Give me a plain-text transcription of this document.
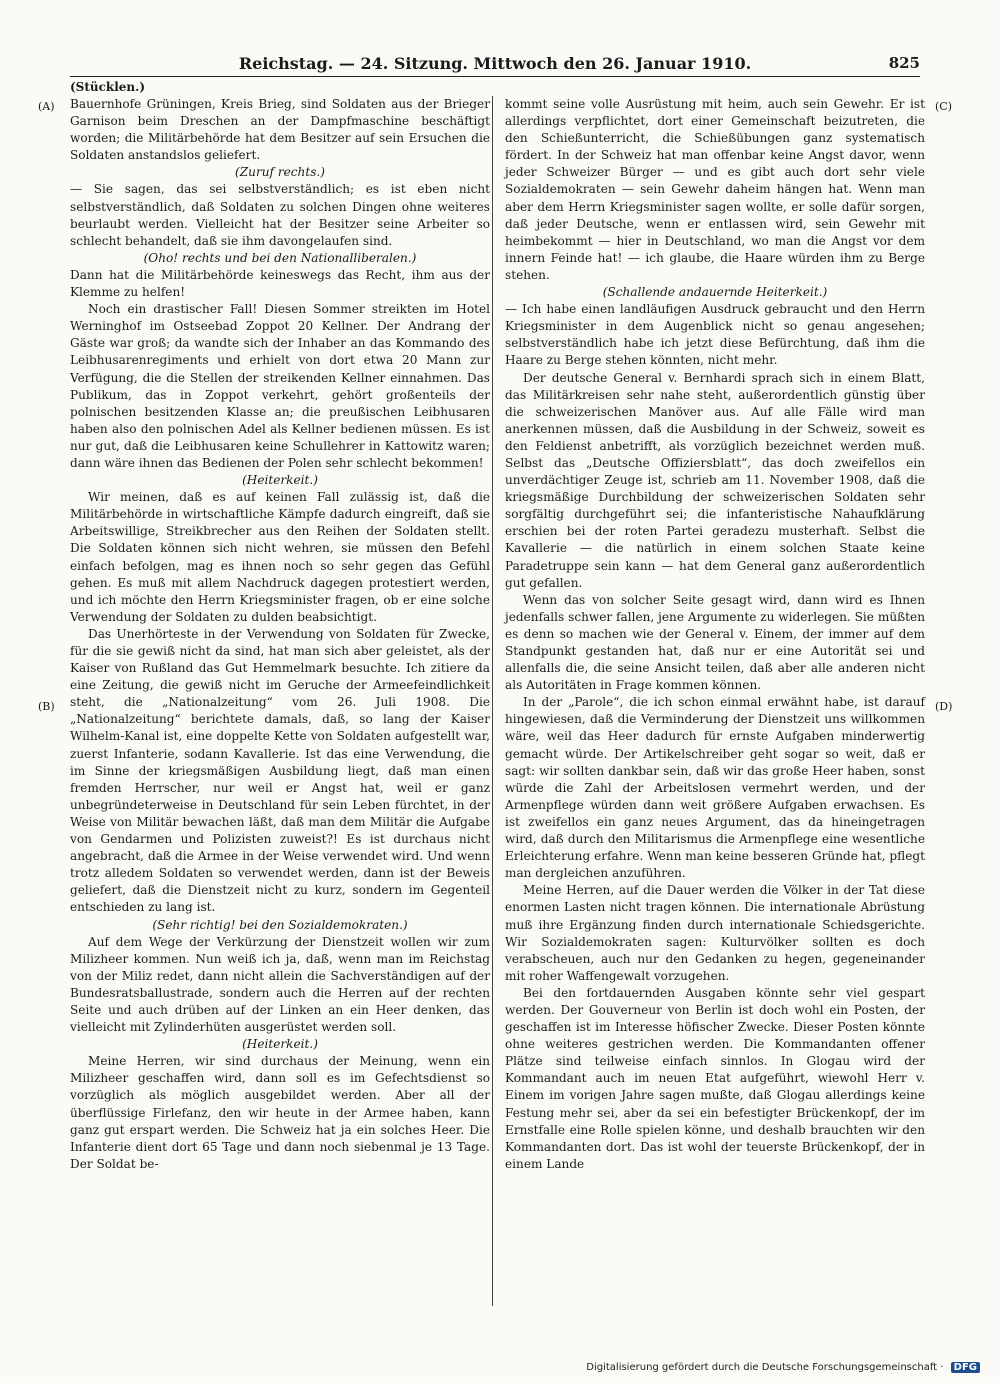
Reichstag. — 24. Sitzung. Mittwoch den 26. Januar 1910.	825
(Stücklen.)
(A)
(B)
(C)
(D)

Bauernhofe Grüningen, Kreis Brieg, sind Soldaten aus der Brieger Garnison beim Dreschen an der Dampfmaschine beschäftigt worden; die Militärbehörde hat dem Besitzer auf sein Ersuchen die Soldaten anstandslos geliefert.

(Zuruf rechts.)

— Sie sagen, das sei selbstverständlich; es ist eben nicht selbstverständlich, daß Soldaten zu solchen Dingen ohne weiteres beurlaubt werden. Vielleicht hat der Besitzer seine Arbeiter so schlecht behandelt, daß sie ihm davongelaufen sind.

(Oho! rechts und bei den Nationalliberalen.)

Dann hat die Militärbehörde keineswegs das Recht, ihm aus der Klemme zu helfen!

Noch ein drastischer Fall! Diesen Sommer streikten im Hotel Werninghof im Ostseebad Zoppot 20 Kellner. Der Andrang der Gäste war groß; da wandte sich der Inhaber an das Kommando des Leibhusarenregiments und erhielt von dort etwa 20 Mann zur Verfügung, die die Stellen der streikenden Kellner einnahmen. Das Publikum, das in Zoppot verkehrt, gehört großenteils der polnischen besitzenden Klasse an; die preußischen Leibhusaren haben also den polnischen Adel als Kellner bedienen müssen. Es ist nur gut, daß die Leibhusaren keine Schullehrer in Kattowitz waren; dann wäre ihnen das Bedienen der Polen sehr schlecht bekommen!

(Heiterkeit.)

Wir meinen, daß es auf keinen Fall zulässig ist, daß die Militärbehörde in wirtschaftliche Kämpfe dadurch eingreift, daß sie Arbeitswillige, Streikbrecher aus den Reihen der Soldaten stellt. Die Soldaten können sich nicht wehren, sie müssen den Befehl einfach befolgen, mag es ihnen noch so sehr gegen das Gefühl gehen. Es muß mit allem Nachdruck dagegen protestiert werden, und ich möchte den Herrn Kriegsminister fragen, ob er eine solche Verwendung der Soldaten zu dulden beabsichtigt.

Das Unerhörteste in der Verwendung von Soldaten für Zwecke, für die sie gewiß nicht da sind, hat man sich aber geleistet, als der Kaiser von Rußland das Gut Hemmelmark besuchte. Ich zitiere da eine Zeitung, die gewiß nicht im Geruche der Armeefeindlichkeit steht, die „Nationalzeitung“ vom 26. Juli 1908. Die „Nationalzeitung“ berichtete damals, daß, so lang der Kaiser Wilhelm-Kanal ist, eine doppelte Kette von Soldaten aufgestellt war, zuerst Infanterie, sodann Kavallerie. Ist das eine Verwendung, die im Sinne der kriegsmäßigen Ausbildung liegt, daß man einen fremden Herrscher, nur weil er Angst hat, weil er ganz unbegründeterweise in Deutschland für sein Leben fürchtet, in der Weise von Militär bewachen läßt, daß man dem Militär die Aufgabe von Gendarmen und Polizisten zuweist?! Es ist durchaus nicht angebracht, daß die Armee in der Weise verwendet wird. Und wenn trotz alledem Soldaten so verwendet werden, dann ist der Beweis geliefert, daß die Dienstzeit nicht zu kurz, sondern im Gegenteil entschieden zu lang ist.

(Sehr richtig! bei den Sozialdemokraten.)

Auf dem Wege der Verkürzung der Dienstzeit wollen wir zum Milizheer kommen. Nun weiß ich ja, daß, wenn man im Reichstag von der Miliz redet, dann nicht allein die Sachverständigen auf der Bundesratsballustrade, sondern auch die Herren auf der rechten Seite und auch drüben auf der Linken an ein Heer denken, das vielleicht mit Zylinderhüten ausgerüstet werden soll.

(Heiterkeit.)

Meine Herren, wir sind durchaus der Meinung, wenn ein Milizheer geschaffen wird, dann soll es im Gefechtsdienst so vorzüglich als möglich ausgebildet werden. Aber all der überflüssige Firlefanz, den wir heute in der Armee haben, kann ganz gut erspart werden. Die Schweiz hat ja ein solches Heer. Die Infanterie dient dort 65 Tage und dann noch siebenmal je 13 Tage. Der Soldat be-

kommt seine volle Ausrüstung mit heim, auch sein Gewehr. Er ist allerdings verpflichtet, dort einer Gemeinschaft beizutreten, die den Schießunterricht, die Schießübungen ganz systematisch fördert. In der Schweiz hat man offenbar keine Angst davor, wenn jeder Schweizer Bürger — und es gibt auch dort sehr viele Sozialdemokraten — sein Gewehr daheim hängen hat. Wenn man aber dem Herrn Kriegsminister sagen wollte, er solle dafür sorgen, daß jeder Deutsche, wenn er entlassen wird, sein Gewehr mit heimbekommt — hier in Deutschland, wo man die Angst vor dem innern Feinde hat! — ich glaube, die Haare würden ihm zu Berge stehen.

(Schallende andauernde Heiterkeit.)

— Ich habe einen landläufigen Ausdruck gebraucht und den Herrn Kriegsminister in dem Augenblick nicht so genau angesehen; selbstverständlich habe ich jetzt diese Befürchtung, daß ihm die Haare zu Berge stehen könnten, nicht mehr.

Der deutsche General v. Bernhardi sprach sich in einem Blatt, das Militärkreisen sehr nahe steht, außerordentlich günstig über die schweizerischen Manöver aus. Auf alle Fälle wird man anerkennen müssen, daß die Ausbildung in der Schweiz, soweit es den Feldienst anbetrifft, als vorzüglich bezeichnet werden muß. Selbst das „Deutsche Offiziersblatt“, das doch zweifellos ein unverdächtiger Zeuge ist, schrieb am 11. November 1908, daß die kriegsmäßige Durchbildung der schweizerischen Soldaten sehr sorgfältig durchgeführt sei; die infanteristische Nahaufklärung erschien bei der roten Partei geradezu musterhaft. Selbst die Kavallerie — die natürlich in einem solchen Staate keine Paradetruppe sein kann — hat dem General ganz außerordentlich gut gefallen.

Wenn das von solcher Seite gesagt wird, dann wird es Ihnen jedenfalls schwer fallen, jene Argumente zu widerlegen. Sie müßten es denn so machen wie der General v. Einem, der immer auf dem Standpunkt gestanden hat, daß nur er eine Autorität sei und allenfalls die, die seine Ansicht teilen, daß aber alle anderen nicht als Autoritäten in Frage kommen können.

In der „Parole“, die ich schon einmal erwähnt habe, ist darauf hingewiesen, daß die Verminderung der Dienstzeit uns willkommen wäre, weil das Heer dadurch für ernste Aufgaben minderwertig gemacht würde. Der Artikelschreiber geht sogar so weit, daß er sagt: wir sollten dankbar sein, daß wir das große Heer haben, sonst würde die Zahl der Arbeitslosen vermehrt werden, und der Armenpflege würden dann weit größere Aufgaben erwachsen. Es ist zweifellos ein ganz neues Argument, das da hineingetragen wird, daß durch den Militarismus die Armenpflege eine wesentliche Erleichterung erfahre. Wenn man keine besseren Gründe hat, pflegt man dergleichen anzuführen.

Meine Herren, auf die Dauer werden die Völker in der Tat diese enormen Lasten nicht tragen können. Die internationale Abrüstung muß ihre Ergänzung finden durch internationale Schiedsgerichte. Wir Sozialdemokraten sagen: Kulturvölker sollten es doch verabscheuen, auch nur den Gedanken zu hegen, gegeneinander mit roher Waffengewalt vorzugehen.

Bei den fortdauernden Ausgaben könnte sehr viel gespart werden. Der Gouverneur von Berlin ist doch wohl ein Posten, der geschaffen ist im Interesse höfischer Zwecke. Dieser Posten könnte ohne weiteres gestrichen werden. Die Kommandanten offener Plätze sind teilweise einfach sinnlos. In Glogau wird der Kommandant auch im neuen Etat aufgeführt, wiewohl Herr v. Einem im vorigen Jahre sagen mußte, daß Glogau allerdings keine Festung mehr sei, aber da sei ein befestigter Brückenkopf, der im Ernstfalle eine Rolle spielen könne, und deshalb brauchten wir den Kommandanten dort. Das ist wohl der teuerste Brückenkopf, der in einem Lande

Digitalisierung gefördert durch die Deutsche Forschungsgemeinschaft · DFG
